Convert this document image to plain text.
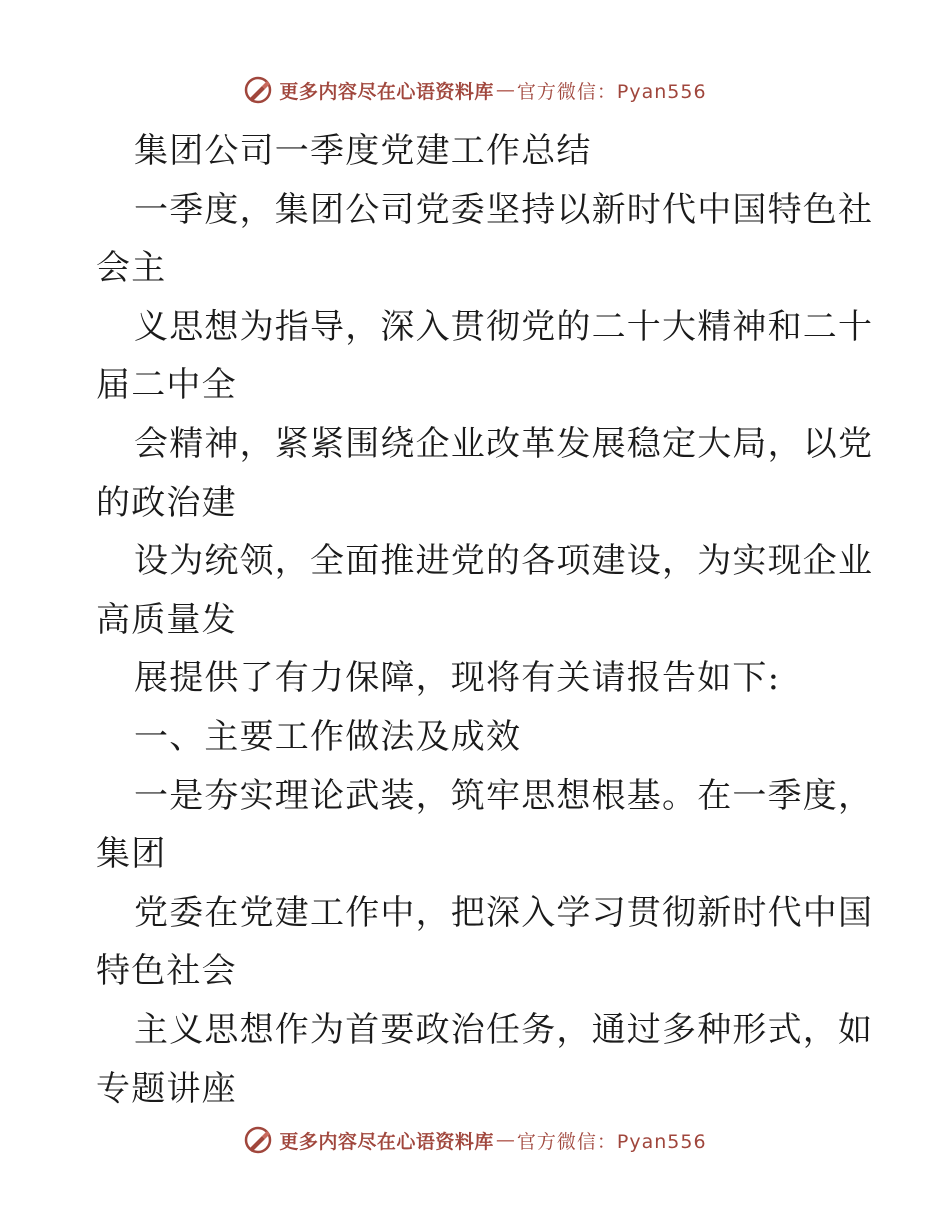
更多内容尽在心语资料库 — 官方微信：Pyan556
集团公司一季度党建工作总结
一季度，集团公司党委坚持以新时代中国特色社
会主
义思想为指导，深入贯彻党的二十大精神和二十
届二中全
会精神，紧紧围绕企业改革发展稳定大局，以党
的政治建
设为统领，全面推进党的各项建设，为实现企业
高质量发
展提供了有力保障，现将有关请报告如下:
一、主要工作做法及成效
一是夯实理论武装，筑牢思想根基。在一季度，
集团
党委在党建工作中，把深入学习贯彻新时代中国
特色社会
主义思想作为首要政治任务，通过多种形式，如
专题讲座
更多内容尽在心语资料库 — 官方微信：Pyan556
